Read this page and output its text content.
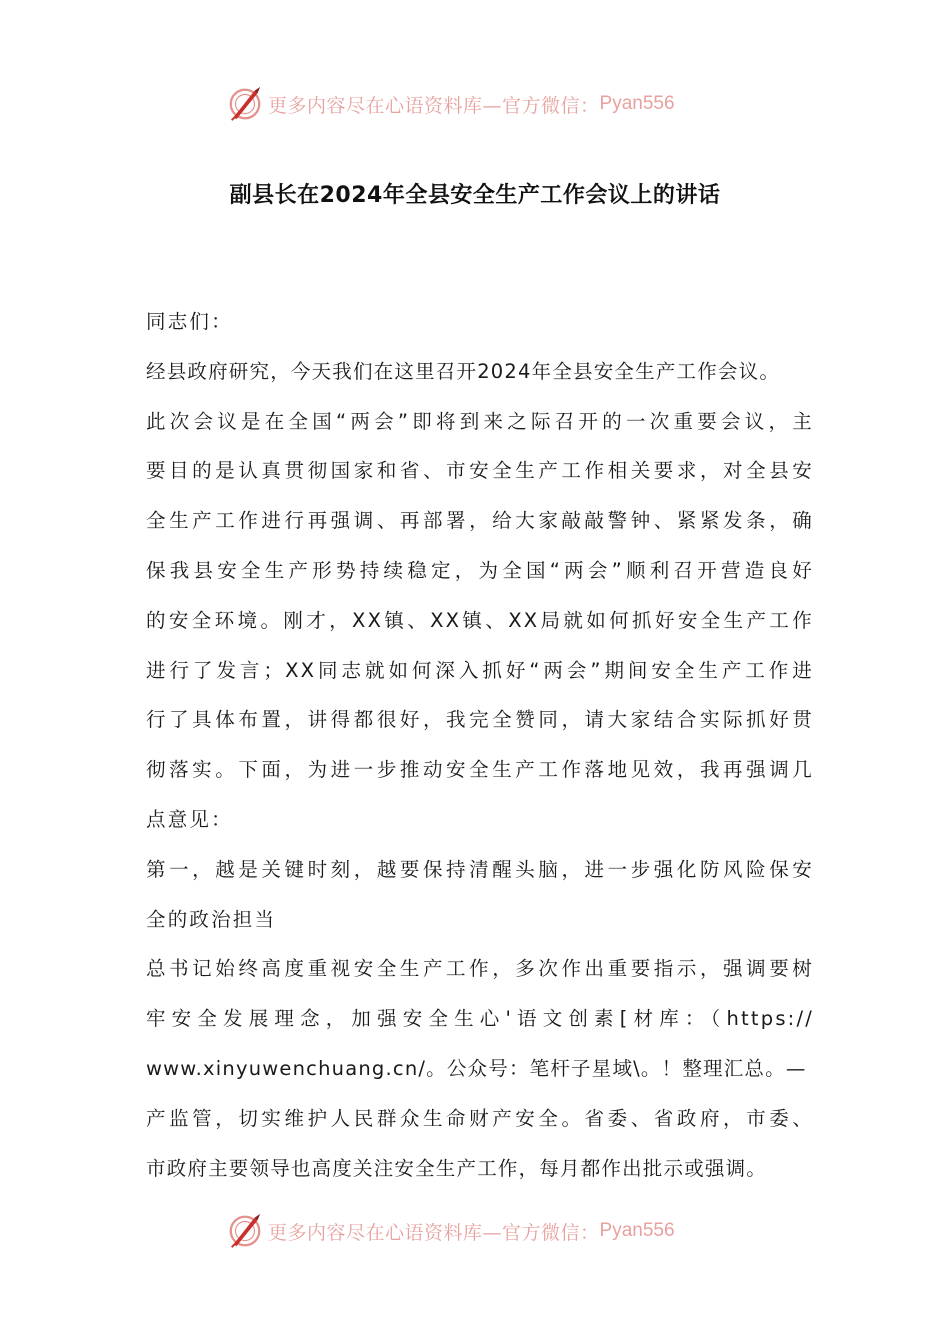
更多内容尽在心语资料库—官方微信： Pyan556
副县长在2024年全县安全生产工作会议上的讲话
同志们：
经县政府研究，今天我们在这里召开2024年全县安全生产工作会议。
此次会议是在全国“两会”即将到来之际召开的一次重要会议，主
要目的是认真贯彻国家和省、市安全生产工作相关要求，对全县安
全生产工作进行再强调、再部署，给大家敲敲警钟、紧紧发条，确
保我县安全生产形势持续稳定，为全国“两会”顺利召开营造良好
的安全环境。刚才，XX镇、XX镇、XX局就如何抓好安全生产工作
进行了发言；XX同志就如何深入抓好“两会”期间安全生产工作进
行了具体布置，讲得都很好，我完全赞同，请大家结合实际抓好贯
彻落实。下面，为进一步推动安全生产工作落地见效，我再强调几
点意见：
第一，越是关键时刻，越要保持清醒头脑，进一步强化防风险保安
全的政治担当
总书记始终高度重视安全生产工作，多次作出重要指示，强调要树
牢安全发展理念，加强安全生心'语文创素[材库：（https://
www.xinyuwenchuang.cn/。公众号：笔杆子星域\。！整理汇总。—
产监管，切实维护人民群众生命财产安全。省委、省政府，市委、
市政府主要领导也高度关注安全生产工作，每月都作出批示或强调。
更多内容尽在心语资料库—官方微信： Pyan556
